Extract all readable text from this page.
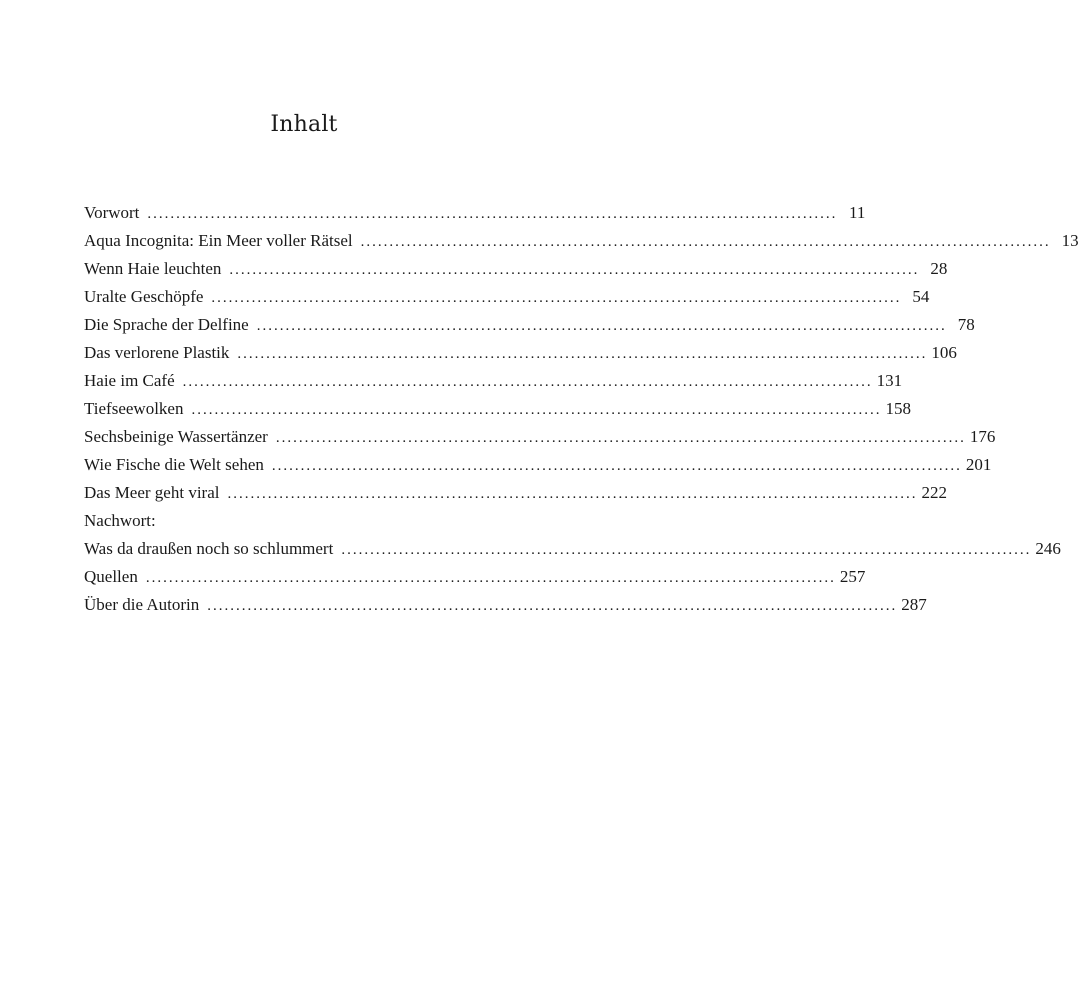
Inhalt
Vorwort ........................................................................................................................ 11
Aqua Incognita: Ein Meer voller Rätsel ........................................................................................................................ 13
Wenn Haie leuchten ........................................................................................................................ 28
Uralte Geschöpfe ........................................................................................................................ 54
Die Sprache der Delfine ........................................................................................................................ 78
Das verlorene Plastik ........................................................................................................................ 106
Haie im Café ........................................................................................................................ 131
Tiefseewolken ........................................................................................................................ 158
Sechsbeinige Wassertänzer ........................................................................................................................ 176
Wie Fische die Welt sehen ........................................................................................................................ 201
Das Meer geht viral ........................................................................................................................ 222
Nachwort:
Was da draußen noch so schlummert ........................................................................................................................ 246
Quellen ........................................................................................................................ 257
Über die Autorin ........................................................................................................................ 287
